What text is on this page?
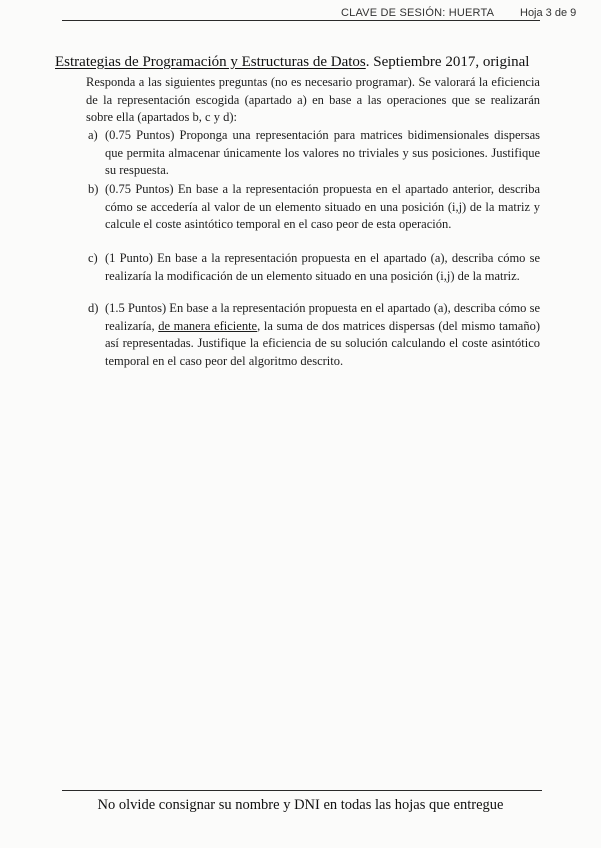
CLAVE DE SESIÓN: HUERTA Hoja 3 de 9
Estrategias de Programación y Estructuras de Datos. Septiembre 2017, original
Responda a las siguientes preguntas (no es necesario programar). Se valorará la eficiencia de la representación escogida (apartado a) en base a las operaciones que se realizarán sobre ella (apartados b, c y d):
a) (0.75 Puntos) Proponga una representación para matrices bidimensionales dispersas que permita almacenar únicamente los valores no triviales y sus posiciones. Justifique su respuesta.
b) (0.75 Puntos) En base a la representación propuesta en el apartado anterior, describa cómo se accedería al valor de un elemento situado en una posición (i,j) de la matriz y calcule el coste asintótico temporal en el caso peor de esta operación.
c) (1 Punto) En base a la representación propuesta en el apartado (a), describa cómo se realizaría la modificación de un elemento situado en una posición (i,j) de la matriz.
d) (1.5 Puntos) En base a la representación propuesta en el apartado (a), describa cómo se realizaría, de manera eficiente, la suma de dos matrices dispersas (del mismo tamaño) así representadas. Justifique la eficiencia de su solución calculando el coste asintótico temporal en el caso peor del algoritmo descrito.
No olvide consignar su nombre y DNI en todas las hojas que entregue
